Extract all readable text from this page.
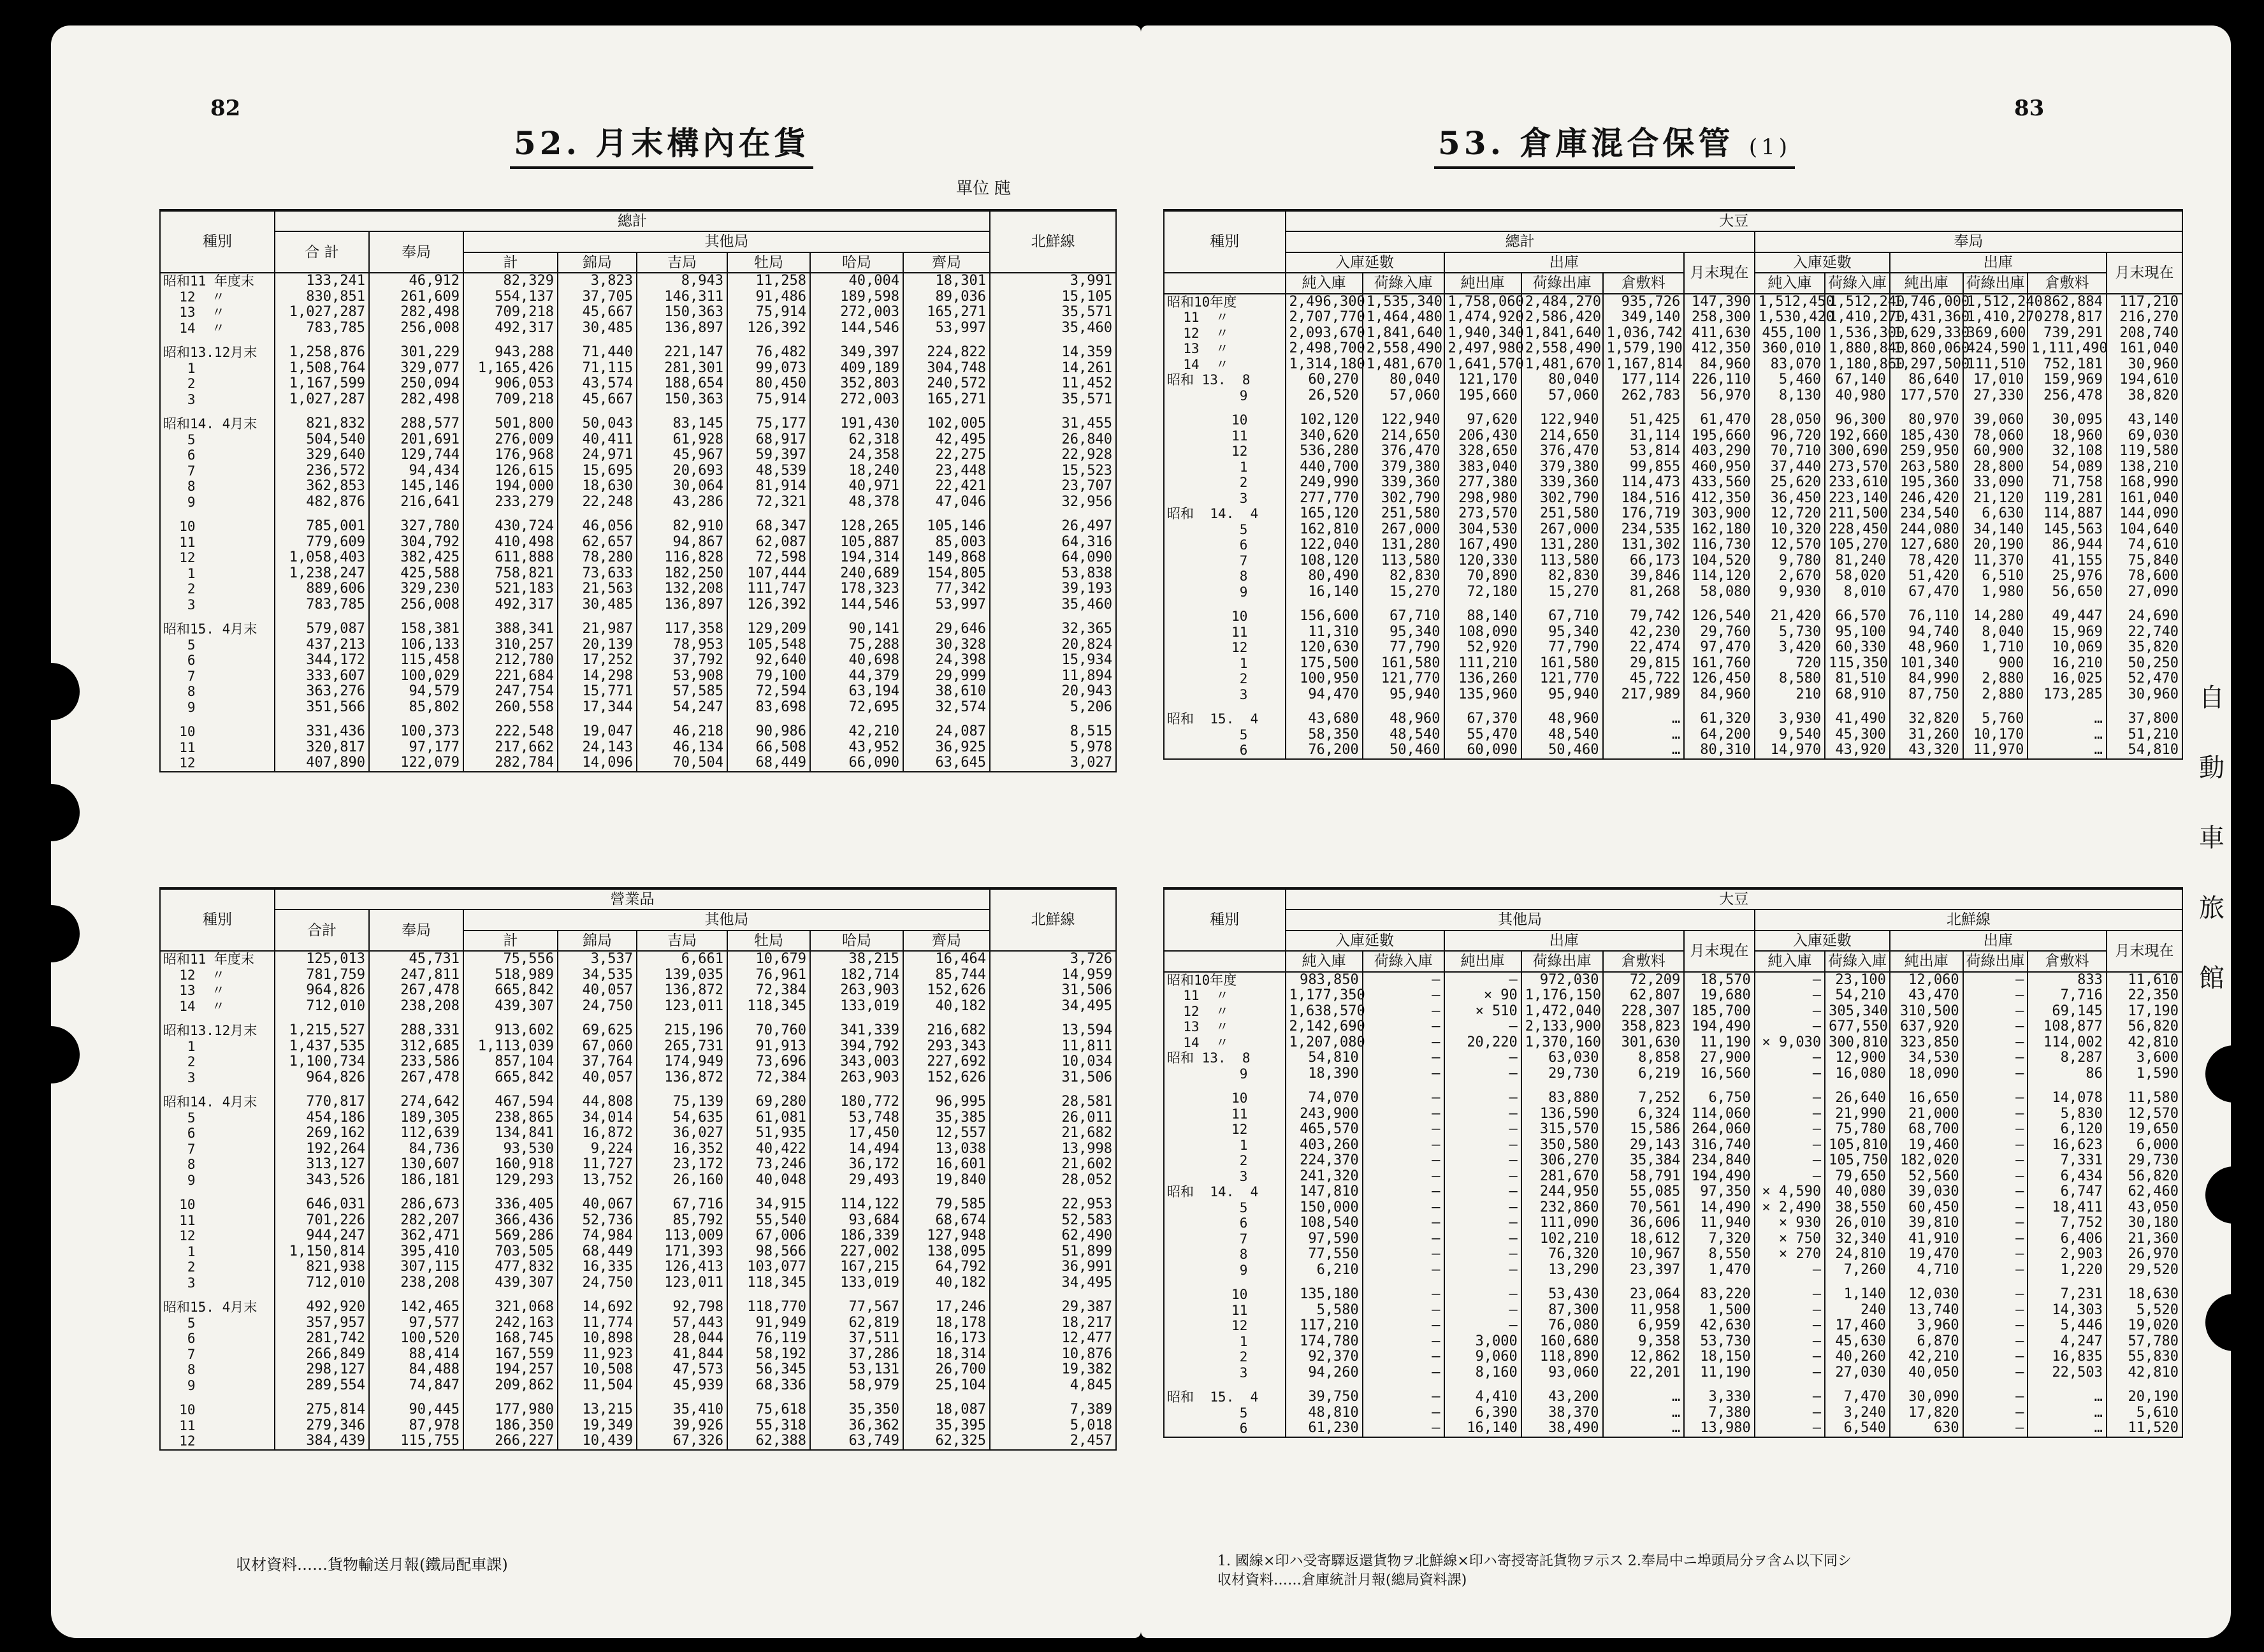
82
52. 月末構內在貨
單位 瓲
種別	總計								北鮮線
	合 計	奉局	其他局						
			計	錦局	吉局	牡局	哈局	齊局	
昭和11 年度末	133,241	46,912	82,329	3,823	8,943	11,258	40,004	18,301	3,991
12  〃	830,851	261,609	554,137	37,705	146,311	91,486	189,598	89,036	15,105
13  〃	1,027,287	282,498	709,218	45,667	150,363	75,914	272,003	165,271	35,571
14  〃	783,785	256,008	492,317	30,485	136,897	126,392	144,546	53,997	35,460

昭和13.12月末	1,258,876	301,229	943,288	71,440	221,147	76,482	349,397	224,822	14,359
1	1,508,764	329,077	1,165,426	71,115	281,301	99,073	409,189	304,748	14,261
2	1,167,599	250,094	906,053	43,574	188,654	80,450	352,803	240,572	11,452
3	1,027,287	282,498	709,218	45,667	150,363	75,914	272,003	165,271	35,571

昭和14. 4月末	821,832	288,577	501,800	50,043	83,145	75,177	191,430	102,005	31,455
5	504,540	201,691	276,009	40,411	61,928	68,917	62,318	42,495	26,840
6	329,640	129,744	176,968	24,971	45,967	59,397	24,358	22,275	22,928
7	236,572	94,434	126,615	15,695	20,693	48,539	18,240	23,448	15,523
8	362,853	145,146	194,000	18,630	30,064	81,914	40,971	22,421	23,707
9	482,876	216,641	233,279	22,248	43,286	72,321	48,378	47,046	32,956

10	785,001	327,780	430,724	46,056	82,910	68,347	128,265	105,146	26,497
11	779,609	304,792	410,498	62,657	94,867	62,087	105,887	85,003	64,316
12	1,058,403	382,425	611,888	78,280	116,828	72,598	194,314	149,868	64,090
1	1,238,247	425,588	758,821	73,633	182,250	107,444	240,689	154,805	53,838
2	889,606	329,230	521,183	21,563	132,208	111,747	178,323	77,342	39,193
3	783,785	256,008	492,317	30,485	136,897	126,392	144,546	53,997	35,460

昭和15. 4月末	579,087	158,381	388,341	21,987	117,358	129,209	90,141	29,646	32,365
5	437,213	106,133	310,257	20,139	78,953	105,548	75,288	30,328	20,824
6	344,172	115,458	212,780	17,252	37,792	92,640	40,698	24,398	15,934
7	333,607	100,029	221,684	14,298	53,908	79,100	44,379	29,999	11,894
8	363,276	94,579	247,754	15,771	57,585	72,594	63,194	38,610	20,943
9	351,566	85,802	260,558	17,344	54,247	83,698	72,695	32,574	5,206

10	331,436	100,373	222,548	19,047	46,218	90,986	42,210	24,087	8,515
11	320,817	97,177	217,662	24,143	46,134	66,508	43,952	36,925	5,978
12	407,890	122,079	282,784	14,096	70,504	68,449	66,090	63,645	3,027
種別	營業品								北鮮線
	合計	奉局	其他局						
			計	錦局	吉局	牡局	哈局	齊局	
昭和11 年度末	125,013	45,731	75,556	3,537	6,661	10,679	38,215	16,464	3,726
12  〃	781,759	247,811	518,989	34,535	139,035	76,961	182,714	85,744	14,959
13  〃	964,826	267,478	665,842	40,057	136,872	72,384	263,903	152,626	31,506
14  〃	712,010	238,208	439,307	24,750	123,011	118,345	133,019	40,182	34,495

昭和13.12月末	1,215,527	288,331	913,602	69,625	215,196	70,760	341,339	216,682	13,594
1	1,437,535	312,685	1,113,039	67,060	265,731	91,913	394,792	293,343	11,811
2	1,100,734	233,586	857,104	37,764	174,949	73,696	343,003	227,692	10,034
3	964,826	267,478	665,842	40,057	136,872	72,384	263,903	152,626	31,506

昭和14. 4月末	770,817	274,642	467,594	44,808	75,139	69,280	180,772	96,995	28,581
5	454,186	189,305	238,865	34,014	54,635	61,081	53,748	35,385	26,011
6	269,162	112,639	134,841	16,872	36,027	51,935	17,450	12,557	21,682
7	192,264	84,736	93,530	9,224	16,352	40,422	14,494	13,038	13,998
8	313,127	130,607	160,918	11,727	23,172	73,246	36,172	16,601	21,602
9	343,526	186,181	129,293	13,752	26,160	40,048	29,493	19,840	28,052

10	646,031	286,673	336,405	40,067	67,716	34,915	114,122	79,585	22,953
11	701,226	282,207	366,436	52,736	85,792	55,540	93,684	68,674	52,583
12	944,247	362,471	569,286	74,984	113,009	67,006	186,339	127,948	62,490
1	1,150,814	395,410	703,505	68,449	171,393	98,566	227,002	138,095	51,899
2	821,938	307,115	477,832	16,335	126,413	103,077	167,215	64,792	36,991
3	712,010	238,208	439,307	24,750	123,011	118,345	133,019	40,182	34,495

昭和15. 4月末	492,920	142,465	321,068	14,692	92,798	118,770	77,567	17,246	29,387
5	357,957	97,577	242,163	11,774	57,443	91,949	62,819	18,178	18,217
6	281,742	100,520	168,745	10,898	28,044	76,119	37,511	16,173	12,477
7	266,849	88,414	167,559	11,923	41,844	58,192	37,286	18,314	10,876
8	298,127	84,488	194,257	10,508	47,573	56,345	53,131	26,700	19,382
9	289,554	74,847	209,862	11,504	45,939	68,336	58,979	25,104	4,845

10	275,814	90,445	177,980	13,215	35,410	75,618	35,350	18,087	7,389
11	279,346	87,978	186,350	19,349	39,926	55,318	36,362	35,395	5,018
12	384,439	115,755	266,227	10,439	67,326	62,388	63,749	62,325	2,457
収材資料……貨物輸送月報(鐵局配車課)
83
53. 倉庫混合保管 (1)
種別	大豆											
	總計						奉局					
	入庫延數		出庫			月末現在	入庫延數		出庫			月末現在
	純入庫	荷綠入庫	純出庫	荷綠出庫	倉敷料		純入庫	荷綠入庫	純出庫	荷綠出庫	倉敷料	
昭和10年度	2,496,300	1,535,340	1,758,060	2,484,270	935,726	147,390	1,512,450	1,512,240	1,746,000	1,512,240	862,884	117,210
11  〃	2,707,770	1,464,480	1,474,920	2,586,420	349,140	258,300	1,530,420	1,410,270	1,431,360	1,410,270	278,817	216,270
12  〃	2,093,670	1,841,640	1,940,340	1,841,640	1,036,742	411,630	455,100	1,536,300	1,629,330	369,600	739,291	208,740
13  〃	2,498,700	2,558,490	2,497,980	2,558,490	1,579,190	412,350	360,010	1,880,840	1,860,060	424,590	1,111,490	161,040
14  〃	1,314,180	1,481,670	1,641,570	1,481,670	1,167,814	84,960	83,070	1,180,860	1,297,500	111,510	752,181	30,960
昭和 13.  8	60,270	80,040	121,170	80,040	177,114	226,110	5,460	67,140	86,640	17,010	159,969	194,610
9	26,520	57,060	195,660	57,060	262,783	56,970	8,130	40,980	177,570	27,330	256,478	38,820

10	102,120	122,940	97,620	122,940	51,425	61,470	28,050	96,300	80,970	39,060	30,095	43,140
11	340,620	214,650	206,430	214,650	31,114	195,660	96,720	192,660	185,430	78,060	18,960	69,030
12	536,280	376,470	328,650	376,470	53,814	403,290	70,710	300,690	259,950	60,900	32,108	119,580
1	440,700	379,380	383,040	379,380	99,855	460,950	37,440	273,570	263,580	28,800	54,089	138,210
2	249,990	339,360	277,380	339,360	114,473	433,560	25,620	233,610	195,360	33,090	71,758	168,990
3	277,770	302,790	298,980	302,790	184,516	412,350	36,450	223,140	246,420	21,120	119,281	161,040
昭和  14.  4	165,120	251,580	273,570	251,580	176,719	303,900	12,720	211,500	234,540	6,630	114,887	144,090
5	162,810	267,000	304,530	267,000	234,535	162,180	10,320	228,450	244,080	34,140	145,563	104,640
6	122,040	131,280	167,490	131,280	131,302	116,730	12,570	105,270	127,680	20,190	86,944	74,610
7	108,120	113,580	120,330	113,580	66,173	104,520	9,780	81,240	78,420	11,370	41,155	75,840
8	80,490	82,830	70,890	82,830	39,846	114,120	2,670	58,020	51,420	6,510	25,976	78,600
9	16,140	15,270	72,180	15,270	81,268	58,080	9,930	8,010	67,470	1,980	56,650	27,090

10	156,600	67,710	88,140	67,710	79,742	126,540	21,420	66,570	76,110	14,280	49,447	24,690
11	11,310	95,340	108,090	95,340	42,230	29,760	5,730	95,100	94,740	8,040	15,969	22,740
12	120,630	77,790	52,920	77,790	22,474	97,470	3,420	60,330	48,960	1,710	10,069	35,820
1	175,500	161,580	111,210	161,580	29,815	161,760	720	115,350	101,340	900	16,210	50,250
2	100,950	121,770	136,260	121,770	45,722	126,450	8,580	81,510	84,990	2,880	16,025	52,470
3	94,470	95,940	135,960	95,940	217,989	84,960	210	68,910	87,750	2,880	173,285	30,960

昭和  15.  4	43,680	48,960	67,370	48,960	…	61,320	3,930	41,490	32,820	5,760	…	37,800
5	58,350	48,540	55,470	48,540	…	64,200	9,540	45,300	31,260	10,170	…	51,210
6	76,200	50,460	60,090	50,460	…	80,310	14,970	43,920	43,320	11,970	…	54,810
種別	大豆											
	其他局						北鮮線					
	入庫延數		出庫			月末現在	入庫延數		出庫			月末現在
	純入庫	荷綠入庫	純出庫	荷綠出庫	倉敷料		純入庫	荷綠入庫	純出庫	荷綠出庫	倉敷料	
昭和10年度	983,850	—	—	972,030	72,209	18,570	—	23,100	12,060	—	833	11,610
11  〃	1,177,350	—	× 90	1,176,150	62,807	19,680	—	54,210	43,470	—	7,716	22,350
12  〃	1,638,570	—	× 510	1,472,040	228,307	185,700	—	305,340	310,500	—	69,145	17,190
13  〃	2,142,690	—	—	2,133,900	358,823	194,490	—	677,550	637,920	—	108,877	56,820
14  〃	1,207,080	—	20,220	1,370,160	301,630	11,190	× 9,030	300,810	323,850	—	114,002	42,810
昭和 13.  8	54,810	—	—	63,030	8,858	27,900	—	12,900	34,530	—	8,287	3,600
9	18,390	—	—	29,730	6,219	16,560	—	16,080	18,090	—	86	1,590

10	74,070	—	—	83,880	7,252	6,750	—	26,640	16,650	—	14,078	11,580
11	243,900	—	—	136,590	6,324	114,060	—	21,990	21,000	—	5,830	12,570
12	465,570	—	—	315,570	15,586	264,060	—	75,780	68,700	—	6,120	19,650
1	403,260	—	—	350,580	29,143	316,740	—	105,810	19,460	—	16,623	6,000
2	224,370	—	—	306,270	35,384	234,840	—	105,750	182,020	—	7,331	29,730
3	241,320	—	—	281,670	58,791	194,490	—	79,650	52,560	—	6,434	56,820
昭和  14.  4	147,810	—	—	244,950	55,085	97,350	× 4,590	40,080	39,030	—	6,747	62,460
5	150,000	—	—	232,860	70,561	14,490	× 2,490	38,550	60,450	—	18,411	43,050
6	108,540	—	—	111,090	36,606	11,940	× 930	26,010	39,810	—	7,752	30,180
7	97,590	—	—	102,210	18,612	7,320	× 750	32,340	41,910	—	6,406	21,360
8	77,550	—	—	76,320	10,967	8,550	× 270	24,810	19,470	—	2,903	26,970
9	6,210	—	—	13,290	23,397	1,470	—	7,260	4,710	—	1,220	29,520

10	135,180	—	—	53,430	23,064	83,220	—	1,140	12,030	—	7,231	18,630
11	5,580	—	—	87,300	11,958	1,500	—	240	13,740	—	14,303	5,520
12	117,210	—	—	76,080	6,959	42,630	—	17,460	3,960	—	5,446	19,020
1	174,780	—	3,000	160,680	9,358	53,730	—	45,630	6,870	—	4,247	57,780
2	92,370	—	9,060	118,890	12,862	18,150	—	40,260	42,210	—	16,835	55,830
3	94,260	—	8,160	93,060	22,201	11,190	—	27,030	40,050	—	22,503	42,810

昭和  15.  4	39,750	—	4,410	43,200	…	3,330	—	7,470	30,090	—	…	20,190
5	48,810	—	6,390	38,370	…	7,380	—	3,240	17,820	—	…	5,610
6	61,230	—	16,140	38,490	…	13,980	—	6,540	630	—	…	11,520
1. 國線×印ハ受寄驛返還貨物ヲ北鮮線×印ハ寄授寄託貨物ヲ示ス 2.奉局中ニ埠頭局分ヲ含ム以下同シ
収材資料……倉庫統計月報(總局資料課)
自
動
車
旅
館
